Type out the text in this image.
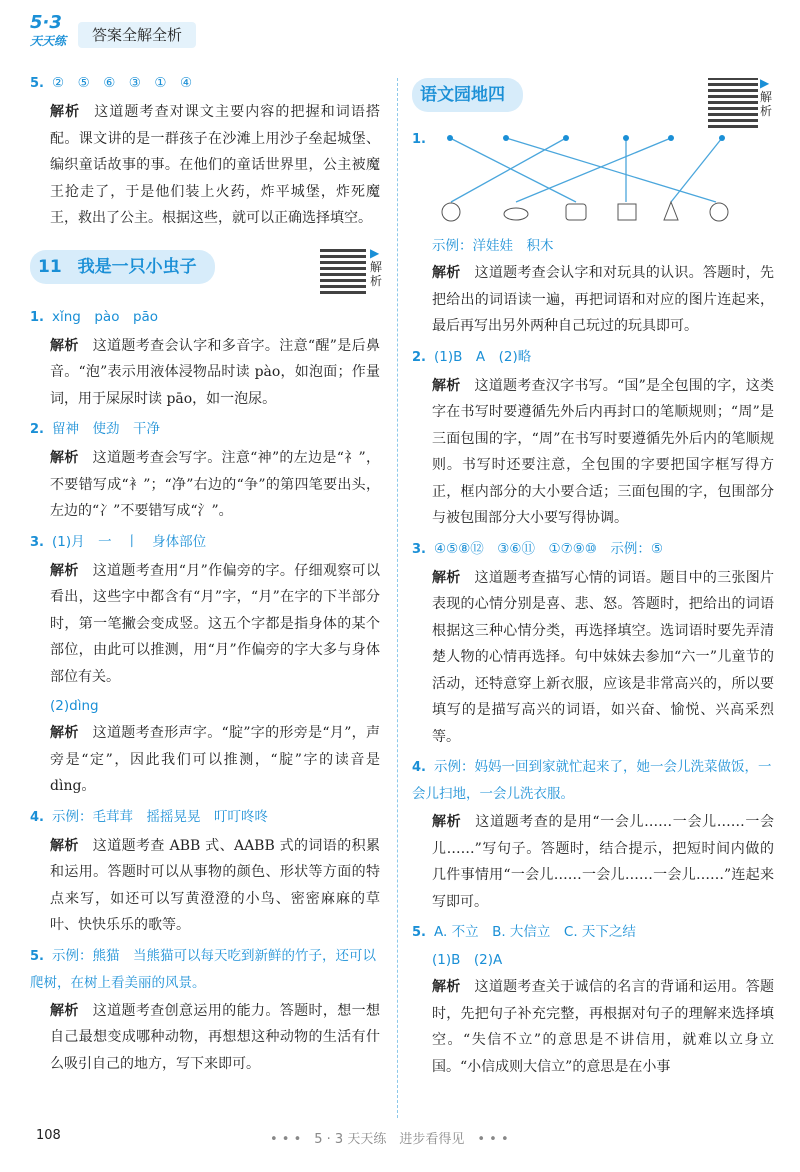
5·3
天天练	答案全解全析

5. ②　⑤　⑥　③　①　④

解析 这道题考查对课文主要内容的把握和词语搭配。课文讲的是一群孩子在沙滩上用沙子垒起城堡、编织童话故事的事。在他们的童话世界里，公主被魔王抢走了，于是他们装上火药，炸平城堡，炸死魔王，救出了公主。根据这些，就可以正确选择填空。

11 我是一只小虫子
▶解析

1. xǐng　pào　pāo

解析 这道题考查会认字和多音字。注意“醒”是后鼻音。“泡”表示用液体浸物品时读 pào，如泡面；作量词，用于屎尿时读 pāo，如一泡尿。

2. 留神　使劲　干净

解析 这道题考查会写字。注意“神”的左边是“礻”，不要错写成“衤”；“净”右边的“争”的第四笔要出头，左边的“冫”不要错写成“氵”。

3. (1)月　一　丨　身体部位

解析 这道题考查用“月”作偏旁的字。仔细观察可以看出，这些字中都含有“月”字，“月”在字的下半部分时，第一笔撇会变成竖。这五个字都是指身体的某个部位，由此可以推测，用“月”作偏旁的字大多与身体部位有关。

(2)dìng

解析 这道题考查形声字。“腚”字的形旁是“月”，声旁是“定”，因此我们可以推测，“腚”字的读音是 dìng。

4. 示例：毛茸茸　摇摇晃晃　叮叮咚咚

解析 这道题考查 ABB 式、AABB 式的词语的积累和运用。答题时可以从事物的颜色、形状等方面的特点来写，如还可以写黄澄澄的小鸟、密密麻麻的草叶、快快乐乐的歌等。

5. 示例：熊猫　当熊猫可以每天吃到新鲜的竹子，还可以爬树，在树上看美丽的风景。

解析 这道题考查创意运用的能力。答题时，想一想自己最想变成哪种动物，再想想这种动物的生活有什么吸引自己的地方，写下来即可。

语文园地四
▶解析
1.

示例：洋娃娃　积木

解析 这道题考查会认字和对玩具的认识。答题时，先把给出的词语读一遍，再把词语和对应的图片连起来，最后再写出另外两种自己玩过的玩具即可。

2. (1)B　A　(2)略

解析 这道题考查汉字书写。“国”是全包围的字，这类字在书写时要遵循先外后内再封口的笔顺规则；“周”是三面包围的字，“周”在书写时要遵循先外后内的笔顺规则。书写时还要注意，全包围的字要把国字框写得方正，框内部分的大小要合适；三面包围的字，包围部分与被包围部分大小要写得协调。

3. ④⑤⑧⑫　③⑥⑪　①⑦⑨⑩　示例：⑤

解析 这道题考查描写心情的词语。题目中的三张图片表现的心情分别是喜、悲、怒。答题时，把给出的词语根据这三种心情分类，再选择填空。选词语时要先弄清楚人物的心情再选择。句中妹妹去参加“六一”儿童节的活动，还特意穿上新衣服，应该是非常高兴的，所以要填写的是描写高兴的词语，如兴奋、愉悦、兴高采烈等。

4. 示例：妈妈一回到家就忙起来了，她一会儿洗菜做饭，一会儿扫地，一会儿洗衣服。

解析 这道题考查的是用“一会儿……一会儿……一会儿……”写句子。答题时，结合提示，把短时间内做的几件事情用“一会儿……一会儿……一会儿……”连起来写即可。

5. A. 不立　B. 大信立　C. 天下之结

(1)B　(2)A

解析 这道题考查关于诚信的名言的背诵和运用。答题时，先把句子补充完整，再根据对句子的理解来选择填空。“失信不立”的意思是不讲信用，就难以立身立国。“小信成则大信立”的意思是在小事

108	• • •　5 · 3 天天练　进步看得见　• • •
